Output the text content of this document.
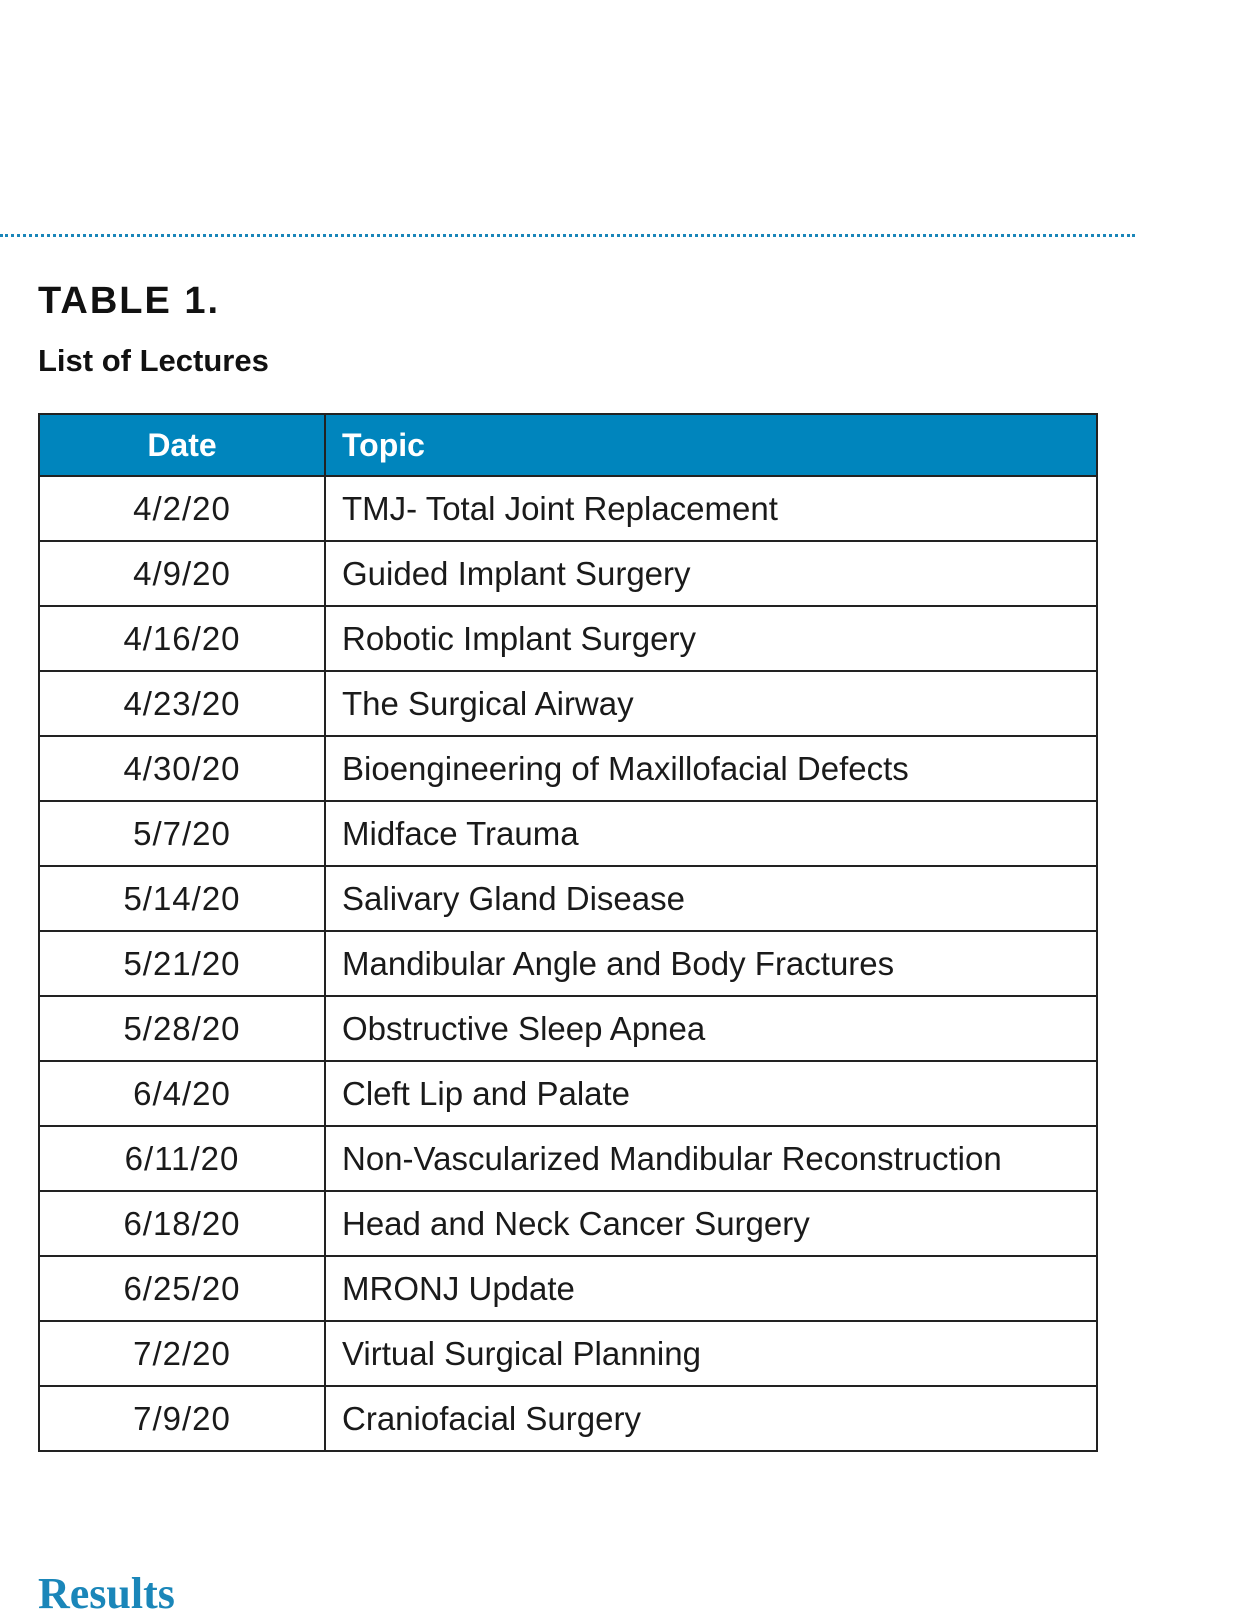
TABLE 1.
List of Lectures
Date	Topic
4/2/20	TMJ- Total Joint Replacement
4/9/20	Guided Implant Surgery
4/16/20	Robotic Implant Surgery
4/23/20	The Surgical Airway
4/30/20	Bioengineering of Maxillofacial Defects
5/7/20	Midface Trauma
5/14/20	Salivary Gland Disease
5/21/20	Mandibular Angle and Body Fractures
5/28/20	Obstructive Sleep Apnea
6/4/20	Cleft Lip and Palate
6/11/20	Non-Vascularized Mandibular Reconstruction
6/18/20	Head and Neck Cancer Surgery
6/25/20	MRONJ Update
7/2/20	Virtual Surgical Planning
7/9/20	Craniofacial Surgery
Results
